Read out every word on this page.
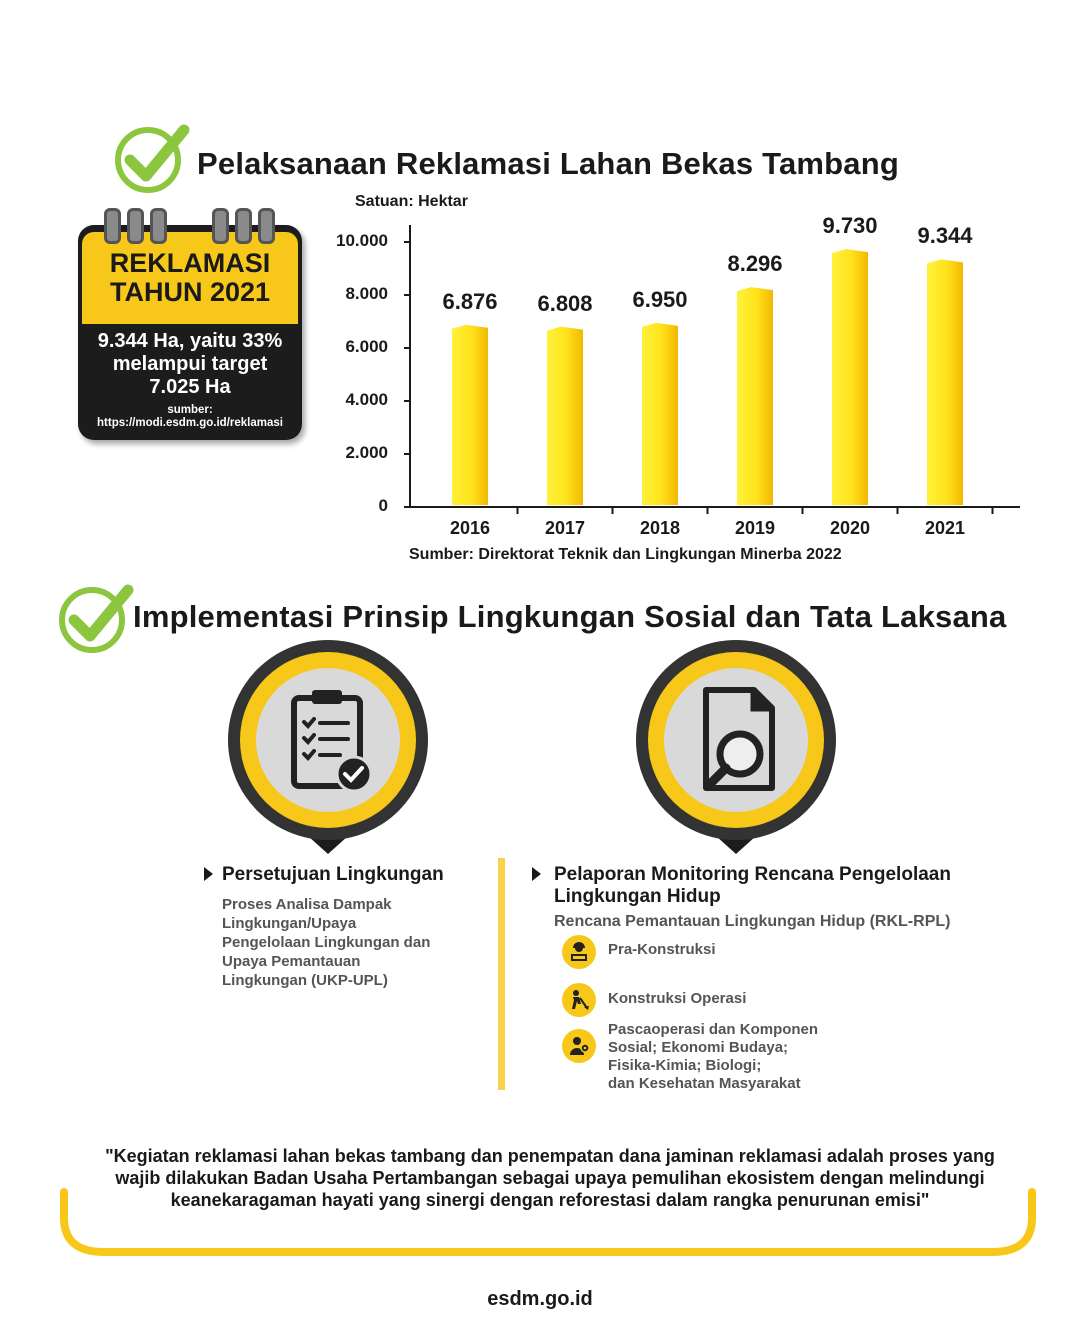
Pelaksanaan Reklamasi Lahan Bekas Tambang
REKLAMASI
TAHUN 2021
9.344 Ha, yaitu 33%
melampui target
7.025 Ha
sumber:
https://modi.esdm.go.id/reklamasi
Satuan: Hektar
0
2.000
4.000
6.000
8.000
10.000
6.876
2016
6.808
2017
6.950
2018
8.296
2019
9.730
2020
9.344
2021
Sumber: Direktorat Teknik dan Lingkungan Minerba 2022
Implementasi Prinsip Lingkungan Sosial dan Tata Laksana
Persetujuan Lingkungan
Proses Analisa Dampak
Lingkungan/Upaya
Pengelolaan Lingkungan dan
Upaya Pemantauan
Lingkungan (UKP-UPL)
Pelaporan Monitoring Rencana Pengelolaan
Lingkungan Hidup
Rencana Pemantauan Lingkungan Hidup (RKL-RPL)
Pra-Konstruksi
Konstruksi Operasi
Pascaoperasi dan Komponen
Sosial; Ekonomi Budaya;
Fisika-Kimia; Biologi;
dan Kesehatan Masyarakat
"Kegiatan reklamasi lahan bekas tambang dan penempatan dana jaminan reklamasi adalah proses yang
wajib dilakukan Badan Usaha Pertambangan sebagai upaya pemulihan ekosistem dengan melindungi
keanekaragaman hayati yang sinergi dengan reforestasi dalam rangka penurunan emisi"
esdm.go.id
